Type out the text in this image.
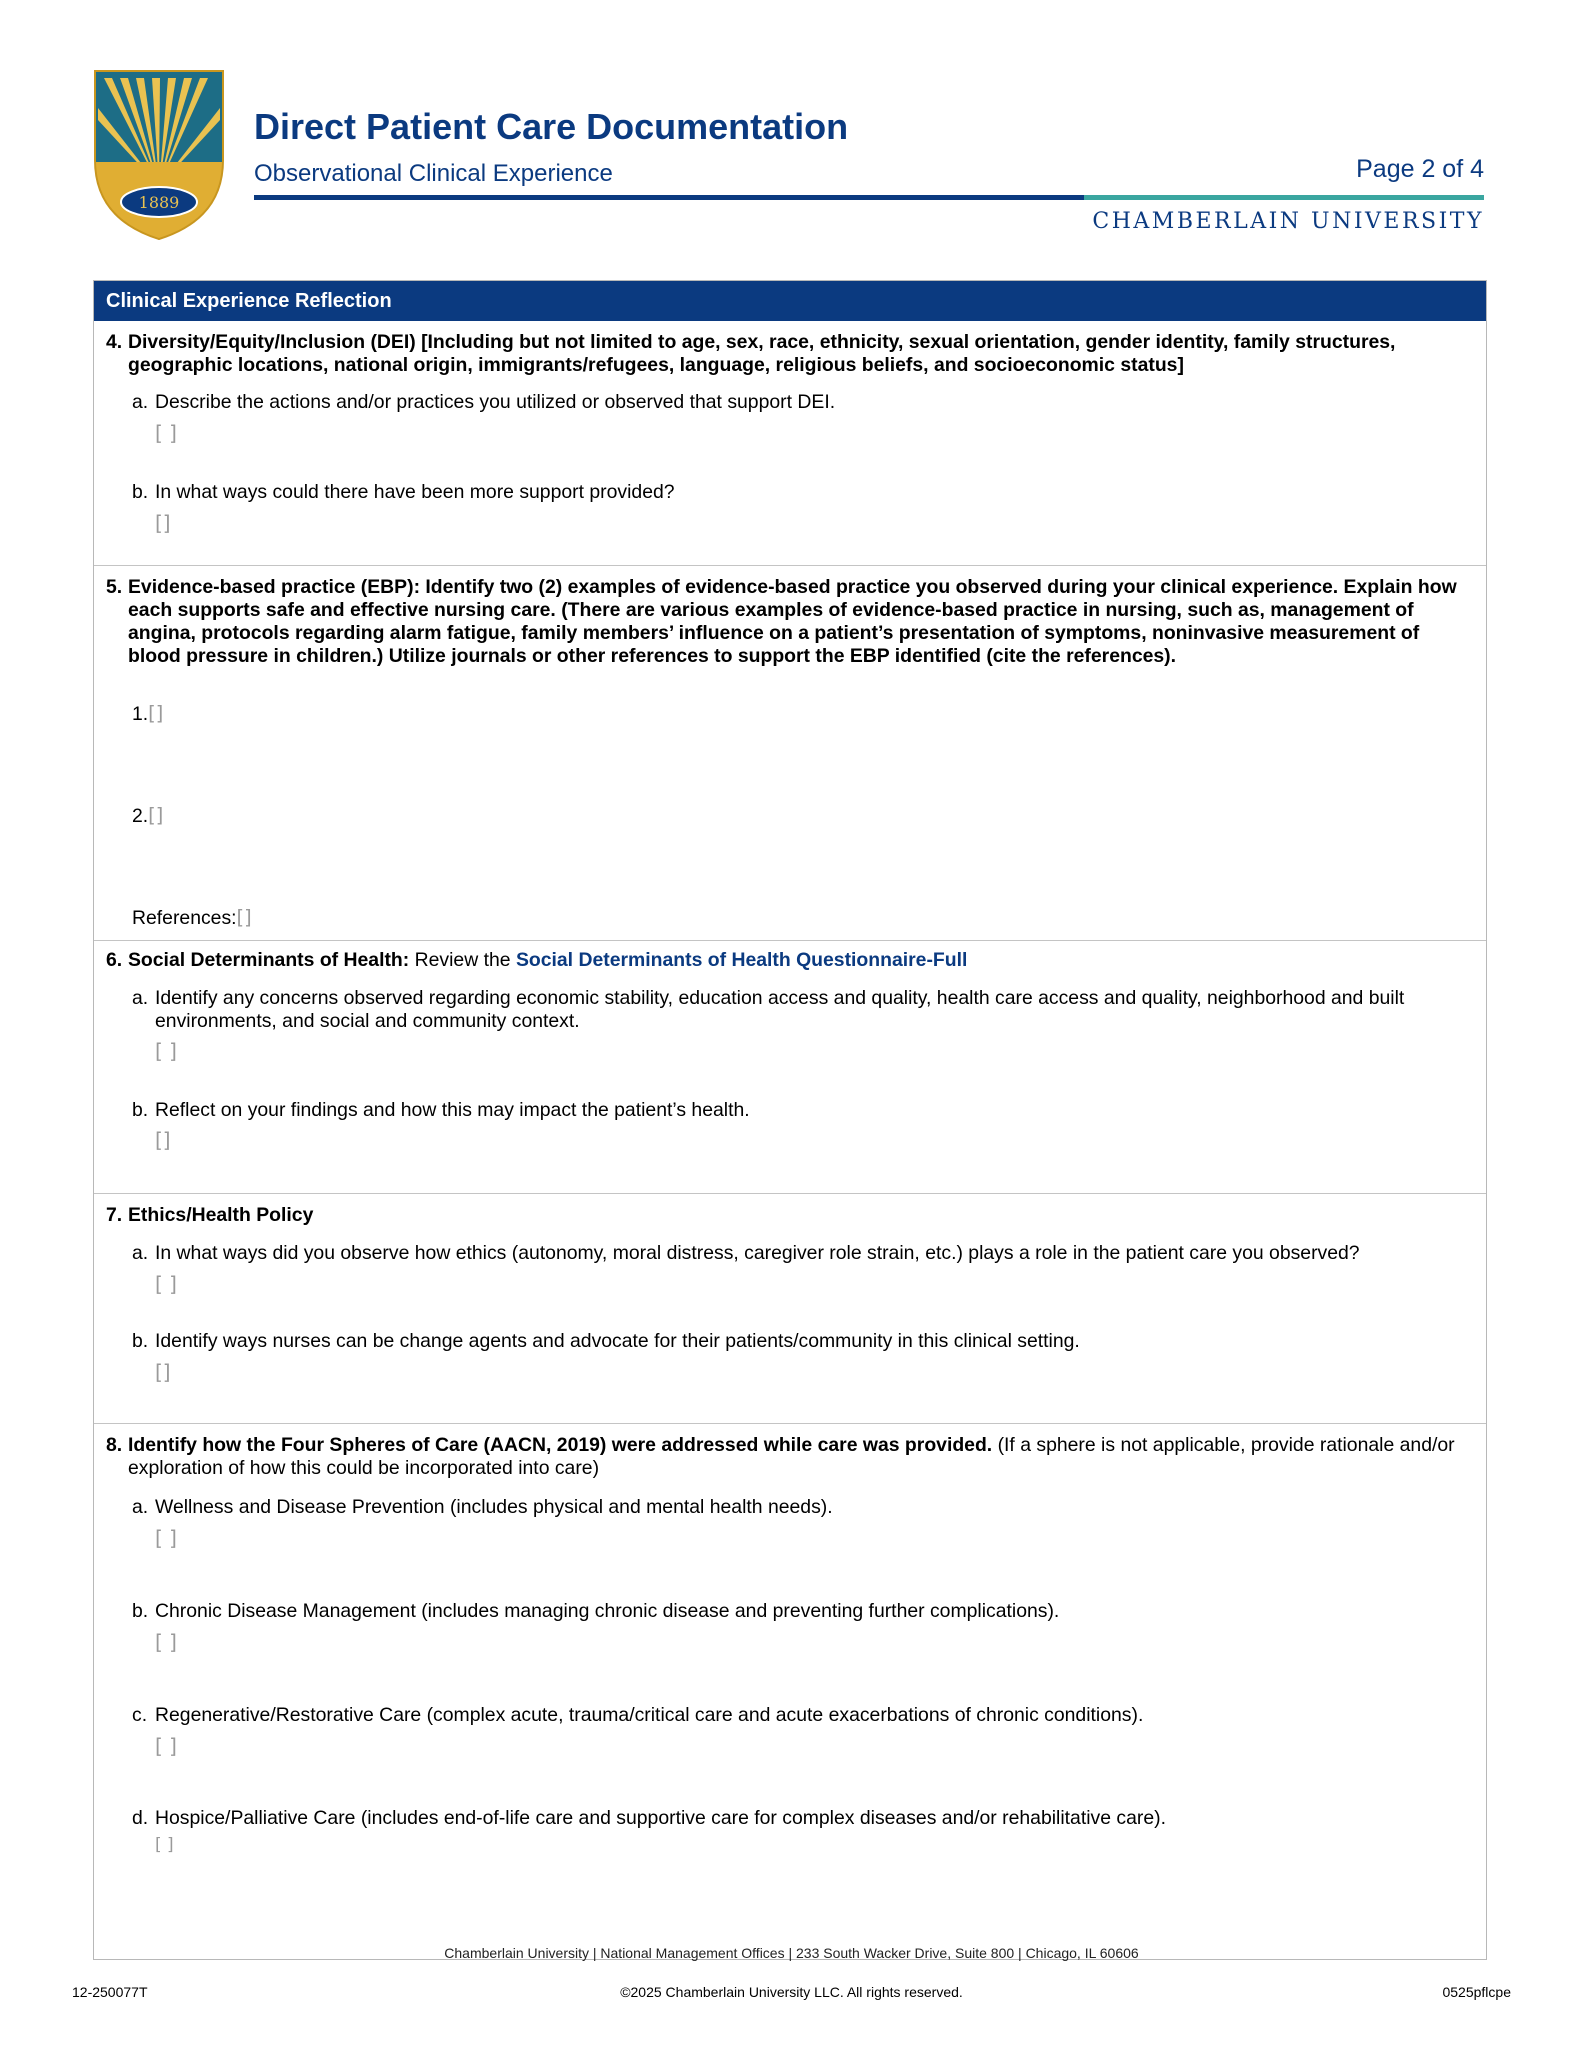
1889
Direct Patient Care Documentation
Observational Clinical Experience	Page 2 of 4
CHAMBERLAIN UNIVERSITY
Clinical Experience Reflection
4. Diversity/Equity/Inclusion (DEI) [Including but not limited to age, sex, race, ethnicity, sexual orientation, gender identity, family structures, geographic locations, national origin, immigrants/refugees, language, religious beliefs, and socioeconomic status]
a. Describe the actions and/or practices you utilized or observed that support DEI.
[ ]
b. In what ways could there have been more support provided?
[]
5. Evidence-based practice (EBP): Identify two (2) examples of evidence-based practice you observed during your clinical experience. Explain how each supports safe and effective nursing care. (There are various examples of evidence-based practice in nursing, such as, management of angina, protocols regarding alarm fatigue, family members’ influence on a patient’s presentation of symptoms, noninvasive measurement of blood pressure in children.) Utilize journals or other references to support the EBP identified (cite the references).
1.[]
2.[]
References:[]
6. Social Determinants of Health: Review the Social Determinants of Health Questionnaire-Full
a. Identify any concerns observed regarding economic stability, education access and quality, health care access and quality, neighborhood and built environments, and social and community context.
[ ]
b. Reflect on your findings and how this may impact the patient’s health.
[]
7. Ethics/Health Policy
a. In what ways did you observe how ethics (autonomy, moral distress, caregiver role strain, etc.) plays a role in the patient care you observed?
[ ]
b. Identify ways nurses can be change agents and advocate for their patients/community in this clinical setting.
[]
8. Identify how the Four Spheres of Care (AACN, 2019) were addressed while care was provided. (If a sphere is not applicable, provide rationale and/or exploration of how this could be incorporated into care)
a. Wellness and Disease Prevention (includes physical and mental health needs).
[ ]
b. Chronic Disease Management (includes managing chronic disease and preventing further complications).
[ ]
c. Regenerative/Restorative Care (complex acute, trauma/critical care and acute exacerbations of chronic conditions).
[ ]
d. Hospice/Palliative Care (includes end-of-life care and supportive care for complex diseases and/or rehabilitative care).
[ ]
Chamberlain University | National Management Offices | 233 South Wacker Drive, Suite 800 | Chicago, IL 60606
12-250077T	©2025 Chamberlain University LLC. All rights reserved.	0525pflcpe
